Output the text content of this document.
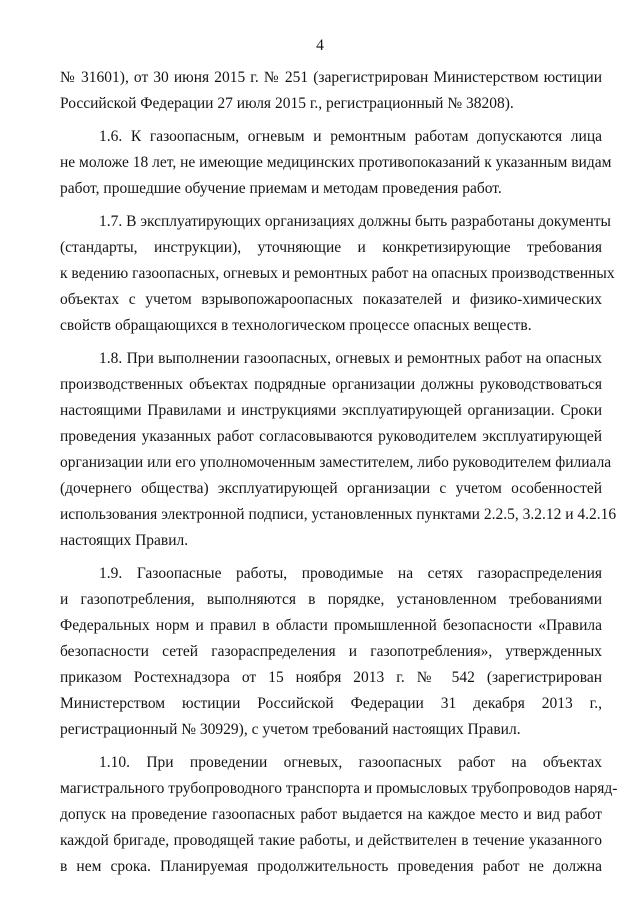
4
№ 31601), от 30 июня 2015 г. № 251 (зарегистрирован Министерством юстиции
Российской Федерации 27 июля 2015 г., регистрационный № 38208).
1.6. К газоопасным, огневым и ремонтным работам допускаются лица
не моложе 18 лет, не имеющие медицинских противопоказаний к указанным видам
работ, прошедшие обучение приемам и методам проведения работ.
1.7. В эксплуатирующих организациях должны быть разработаны документы
(стандарты, инструкции), уточняющие и конкретизирующие требования
к ведению газоопасных, огневых и ремонтных работ на опасных производственных
объектах с учетом взрывопожароопасных показателей и физико-химических
свойств обращающихся в технологическом процессе опасных веществ.
1.8. При выполнении газоопасных, огневых и ремонтных работ на опасных
производственных объектах подрядные организации должны руководствоваться
настоящими Правилами и инструкциями эксплуатирующей организации. Сроки
проведения указанных работ согласовываются руководителем эксплуатирующей
организации или его уполномоченным заместителем, либо руководителем филиала
(дочернего общества) эксплуатирующей организации с учетом особенностей
использования электронной подписи, установленных пунктами 2.2.5, 3.2.12 и 4.2.16
настоящих Правил.
1.9. Газоопасные работы, проводимые на сетях газораспределения
и газопотребления, выполняются в порядке, установленном требованиями
Федеральных норм и правил в области промышленной безопасности «Правила
безопасности сетей газораспределения и газопотребления», утвержденных
приказом Ростехнадзора от 15 ноября 2013 г. № 542 (зарегистрирован
Министерством юстиции Российской Федерации 31 декабря 2013 г.,
регистрационный № 30929), с учетом требований настоящих Правил.
1.10. При проведении огневых, газоопасных работ на объектах
магистрального трубопроводного транспорта и промысловых трубопроводов наряд-
допуск на проведение газоопасных работ выдается на каждое место и вид работ
каждой бригаде, проводящей такие работы, и действителен в течение указанного
в нем срока. Планируемая продолжительность проведения работ не должна
